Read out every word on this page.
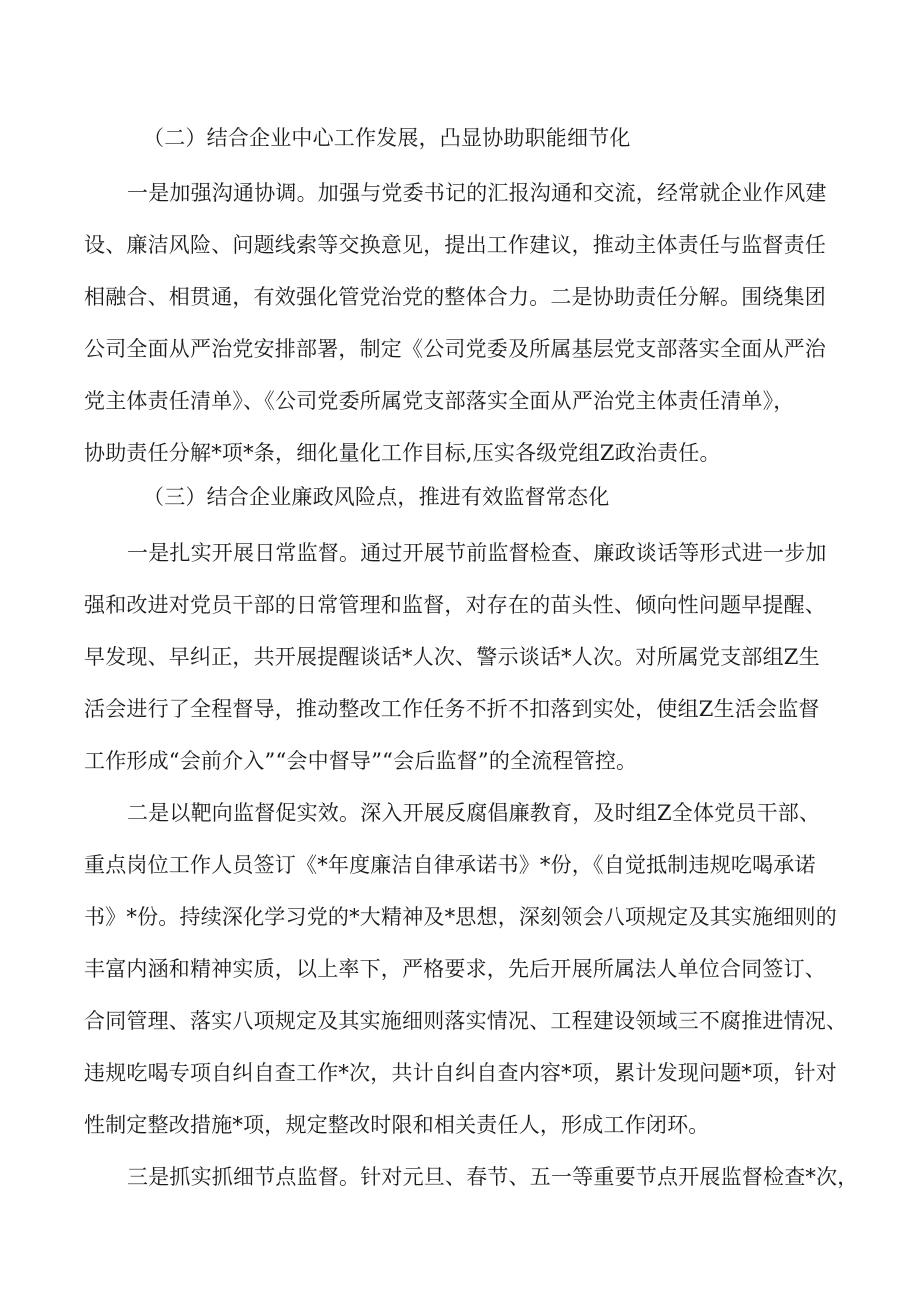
（二）结合企业中心工作发展，凸显协助职能细节化
一是加强沟通协调。加强与党委书记的汇报沟通和交流，经常就企业作风建
设、廉洁风险、问题线索等交换意见，提出工作建议，推动主体责任与监督责任
相融合、相贯通，有效强化管党治党的整体合力。二是协助责任分解。围绕集团
公司全面从严治党安排部署，制定《公司党委及所属基层党支部落实全面从严治
党主体责任清单》、《公司党委所属党支部落实全面从严治党主体责任清单》，
协助责任分解*项*条，细化量化工作目标,压实各级党组Z政治责任。
（三）结合企业廉政风险点，推进有效监督常态化
一是扎实开展日常监督。通过开展节前监督检查、廉政谈话等形式进一步加
强和改进对党员干部的日常管理和监督，对存在的苗头性、倾向性问题早提醒、
早发现、早纠正，共开展提醒谈话*人次、警示谈话*人次。对所属党支部组Z生
活会进行了全程督导，推动整改工作任务不折不扣落到实处，使组Z生活会监督
工作形成“会前介入”“会中督导”“会后监督”的全流程管控。
二是以靶向监督促实效。深入开展反腐倡廉教育，及时组Z全体党员干部、
重点岗位工作人员签订《*年度廉洁自律承诺书》*份，《自觉抵制违规吃喝承诺
书》*份。持续深化学习党的*大精神及*思想，深刻领会八项规定及其实施细则的
丰富内涵和精神实质，以上率下，严格要求，先后开展所属法人单位合同签订、
合同管理、落实八项规定及其实施细则落实情况、工程建设领域三不腐推进情况、
违规吃喝专项自纠自查工作*次，共计自纠自查内容*项，累计发现问题*项，针对
性制定整改措施*项，规定整改时限和相关责任人，形成工作闭环。
三是抓实抓细节点监督。针对元旦、春节、五一等重要节点开展监督检查*次，
